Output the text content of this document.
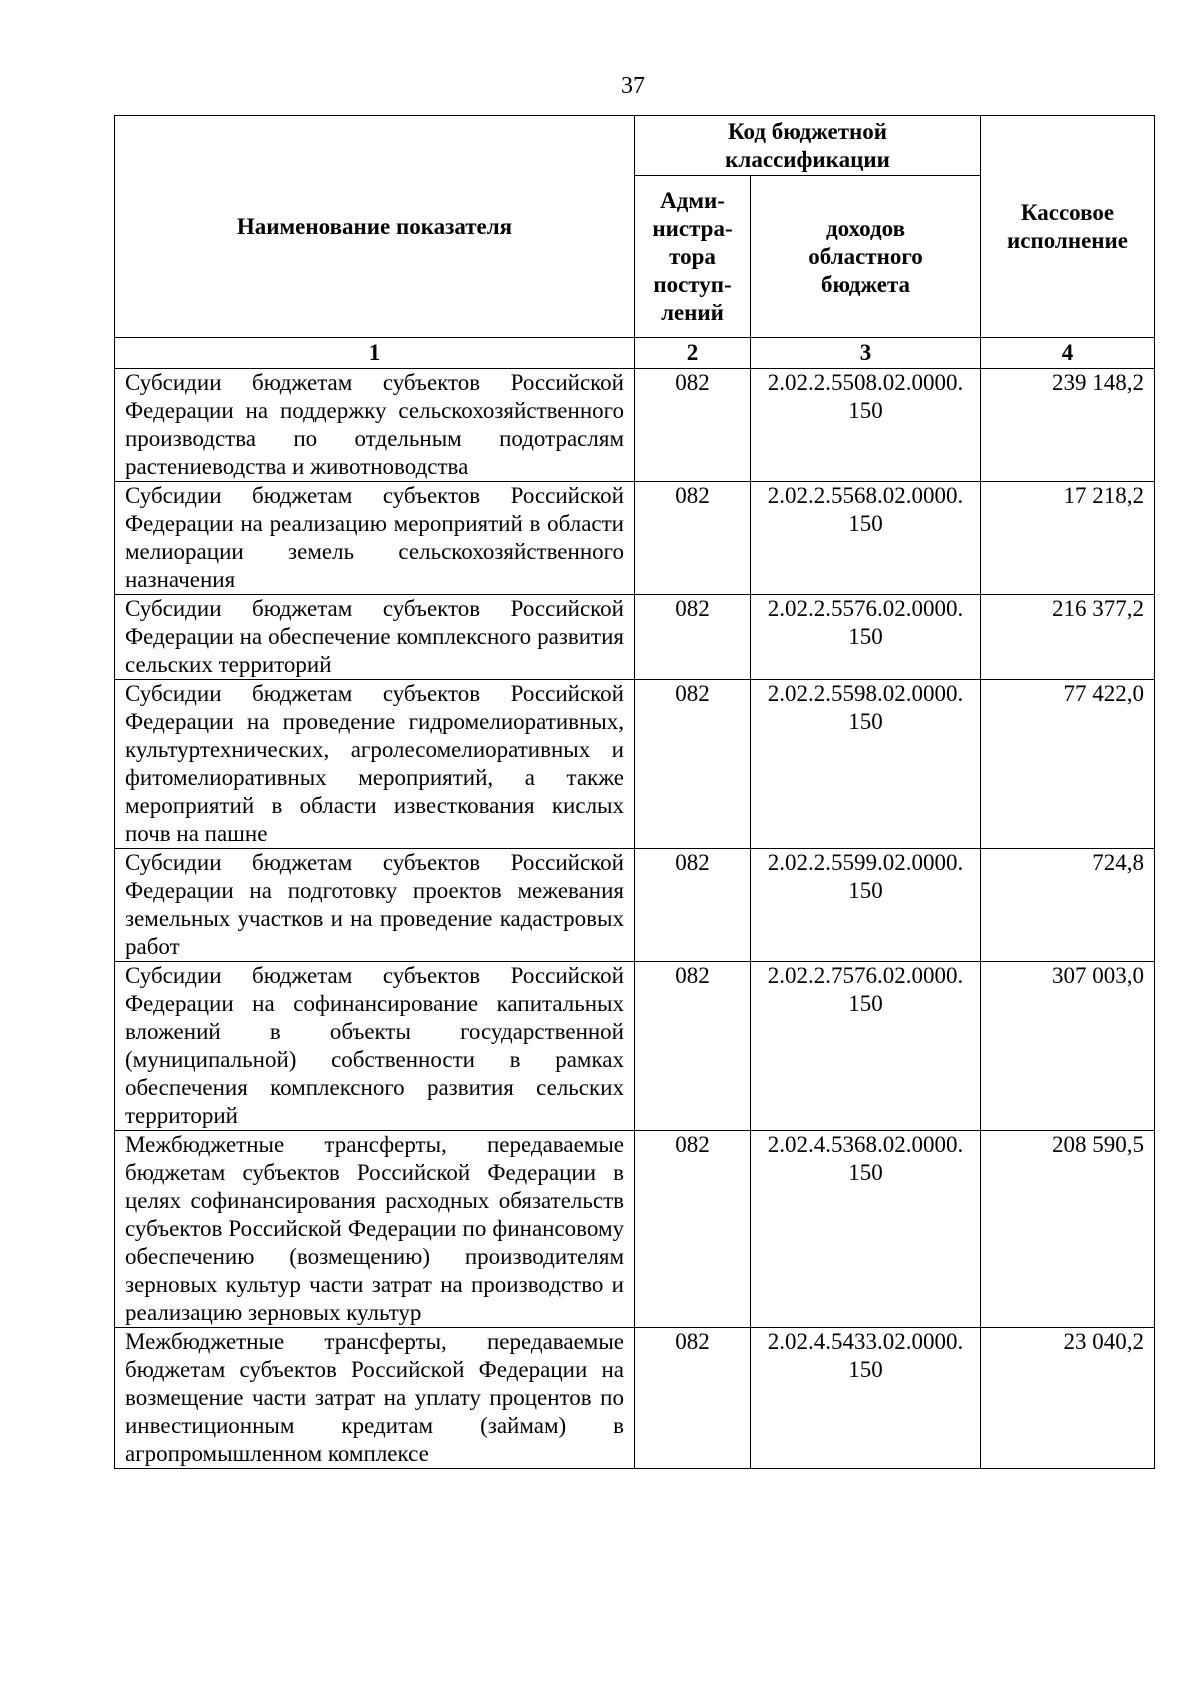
37
Наименование показателя	Код бюджетной классификации		Кассовое исполнение
	Адми-нистра-тора поступ-лений	доходов областного бюджета	
1	2	3	4
Субсидии бюджетам субъектов Российской Федерации на поддержку сельскохозяйственного производства по отдельным подотраслям растениеводства и животноводства	082	2.02.2.5508.02.0000. 150	239 148,2
Субсидии бюджетам субъектов Российской Федерации на реализацию мероприятий в области мелиорации земель сельскохозяйственного назначения	082	2.02.2.5568.02.0000. 150	17 218,2
Субсидии бюджетам субъектов Российской Федерации на обеспечение комплексного развития сельских территорий	082	2.02.2.5576.02.0000. 150	216 377,2
Субсидии бюджетам субъектов Российской Федерации на проведение гидромелиоративных, культуртехнических, агролесомелиоративных и фитомелиоративных мероприятий, а также мероприятий в области известкования кислых почв на пашне	082	2.02.2.5598.02.0000. 150	77 422,0
Субсидии бюджетам субъектов Российской Федерации на подготовку проектов межевания земельных участков и на проведение кадастровых работ	082	2.02.2.5599.02.0000. 150	724,8
Субсидии бюджетам субъектов Российской Федерации на софинансирование капитальных вложений в объекты государственной (муниципальной) собственности в рамках обеспечения комплексного развития сельских территорий	082	2.02.2.7576.02.0000. 150	307 003,0
Межбюджетные трансферты, передаваемые бюджетам субъектов Российской Федерации в целях софинансирования расходных обязательств субъектов Российской Федерации по финансовому обеспечению (возмещению) производителям зерновых культур части затрат на производство и реализацию зерновых культур	082	2.02.4.5368.02.0000. 150	208 590,5
Межбюджетные трансферты, передаваемые бюджетам субъектов Российской Федерации на возмещение части затрат на уплату процентов по инвестиционным кредитам (займам) в агропромышленном комплексе	082	2.02.4.5433.02.0000. 150	23 040,2
